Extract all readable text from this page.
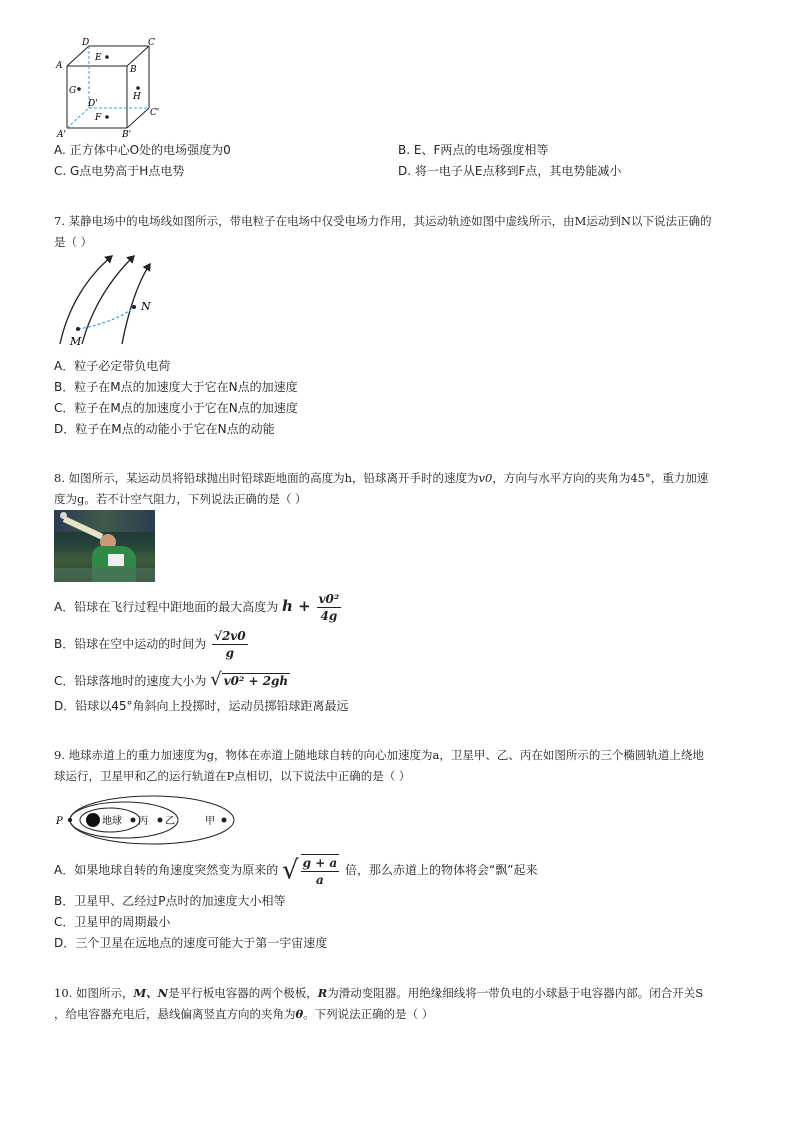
D	C
A	B
E
G
H
D'
F	C'
A'	B'
A. 正方体中心O处的电场强度为0	B. E、F两点的电场强度相等
C. G点电势高于H点电势	D. 将一电子从E点移到F点，其电势能减小
7. 某静电场中的电场线如图所示，带电粒子在电场中仅受电场力作用，其运动轨迹如图中虚线所示，由M运动到N以下说法正确的
是（ ）
M
N
A．粒子必定带负电荷
B．粒子在M点的加速度大于它在N点的加速度
C．粒子在M点的加速度小于它在N点的加速度
D．粒子在M点的动能小于它在N点的动能
8. 如图所示，某运动员将铅球抛出时铅球距地面的高度为h，铅球离开手时的速度为v0，方向与水平方向的夹角为45°，重力加速
度为g。若不计空气阻力，下列说法正确的是（ ）
A．铅球在飞行过程中距地面的最大高度为 $h + \frac{\text{v0²}}{4g}$
B．铅球在空中运动的时间为 $\frac{√2v0}{g}$
C．铅球落地时的速度大小为 √ v0² + 2gh
D．铅球以45°角斜向上投掷时，运动员掷铅球距离最远
9. 地球赤道上的重力加速度为g，物体在赤道上随地球自转的向心加速度为a，卫星甲、乙、丙在如图所示的三个椭圆轨道上绕地
球运行，卫星甲和乙的运行轨道在P点相切，以下说法中正确的是（ ）
P	地球 丙 乙	甲
A．如果地球自转的角速度突然变为原来的 √ $\frac{g + a}{a}$ 倍，那么赤道上的物体将会“飘”起来
B．卫星甲、乙经过P点时的加速度大小相等
C．卫星甲的周期最小
D．三个卫星在远地点的速度可能大于第一宇宙速度
10. 如图所示，M、N是平行板电容器的两个极板，R为滑动变阻器。用绝缘细线将一带负电的小球悬于电容器内部。闭合开关S
，给电容器充电后，悬线偏离竖直方向的夹角为θ。下列说法正确的是（ ）
